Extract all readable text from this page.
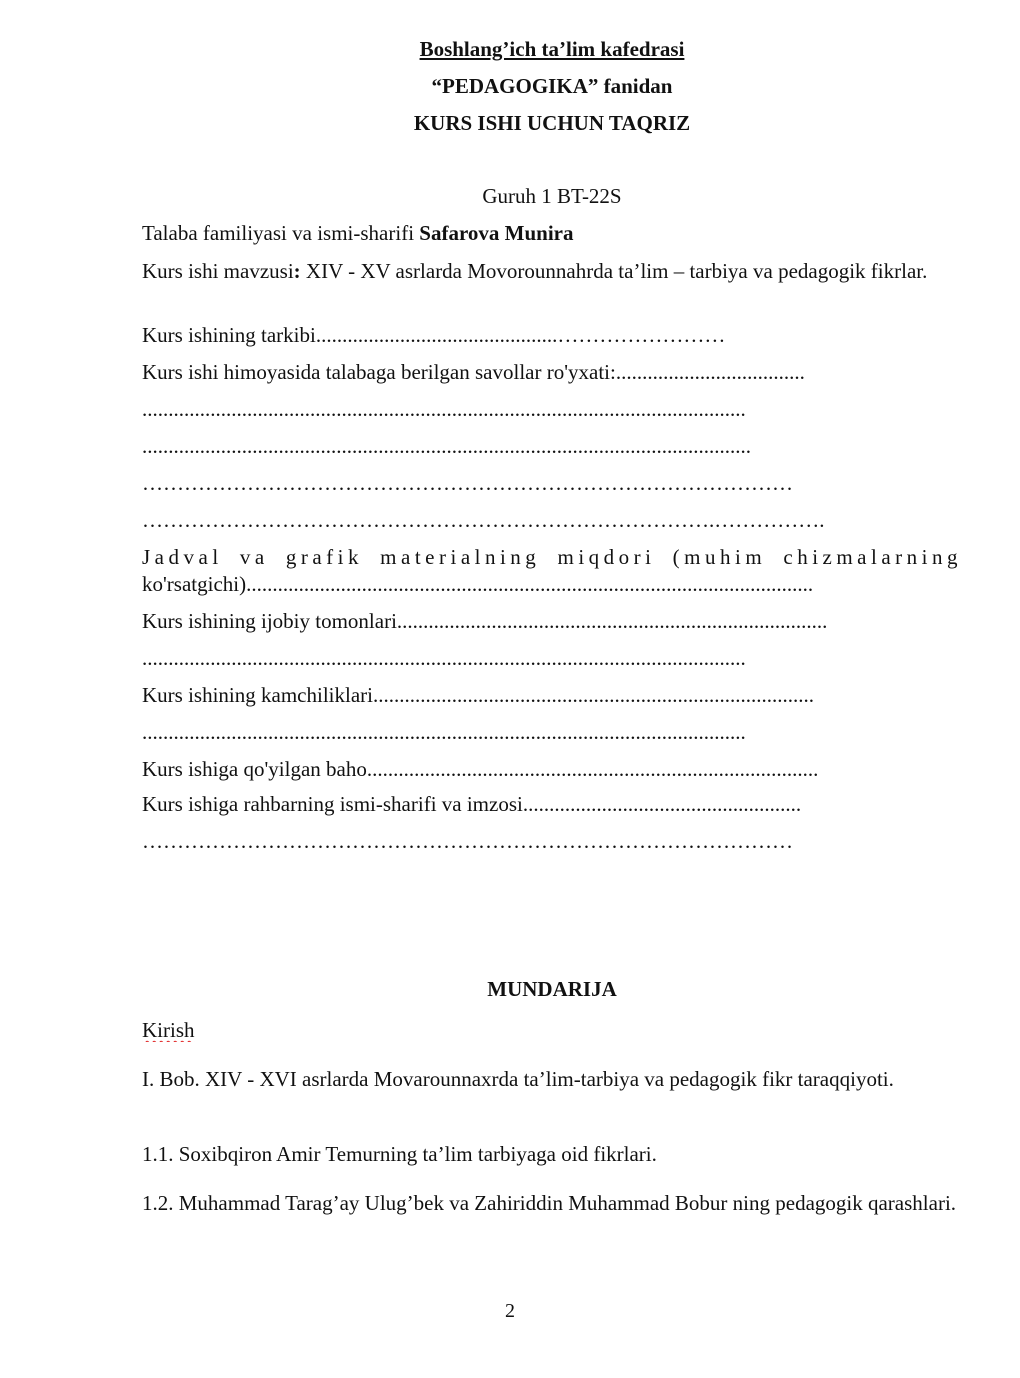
Boshlang’ich ta’lim kafedrasi
“PEDAGOGIKA” fanidan
KURS ISHI UCHUN TAQRIZ
Guruh 1 BT-22S
Talaba familiyasi va ismi-sharifi Safarova Munira
Kurs ishi mavzusi: XIV - XV asrlarda Movorounnahrda ta’lim – tarbiya va pedagogik fikrlar.
Kurs ishining tarkibi..............................................……………………
Kurs ishi himoyasida talabaga berilgan savollar ro'yxati:....................................
...................................................................................................................
....................................................................................................................
…………………………………………………………………………………
……………………………………………………………………….…………….
Jadval va grafik materialning miqdori (muhim chizmalarning
ko'rsatgichi)............................................................................................................
Kurs ishining ijobiy tomonlari..................................................................................
...................................................................................................................
Kurs ishining kamchiliklari....................................................................................
...................................................................................................................
Kurs ishiga qo'yilgan baho......................................................................................
Kurs ishiga rahbarning ismi-sharifi va imzosi.....................................................
…………………………………………………………………………………
MUNDARIJA
Kirish
I. Bob. XIV - XVI asrlarda Movarounnaxrda ta’lim-tarbiya va pedagogik fikr taraqqiyoti.
1.1. Soxibqiron Amir Temurning ta’lim tarbiyaga oid fikrlari.
1.2. Muhammad Tarag’ay Ulug’bek va Zahiriddin Muhammad Bobur ning pedagogik qarashlari.
2
